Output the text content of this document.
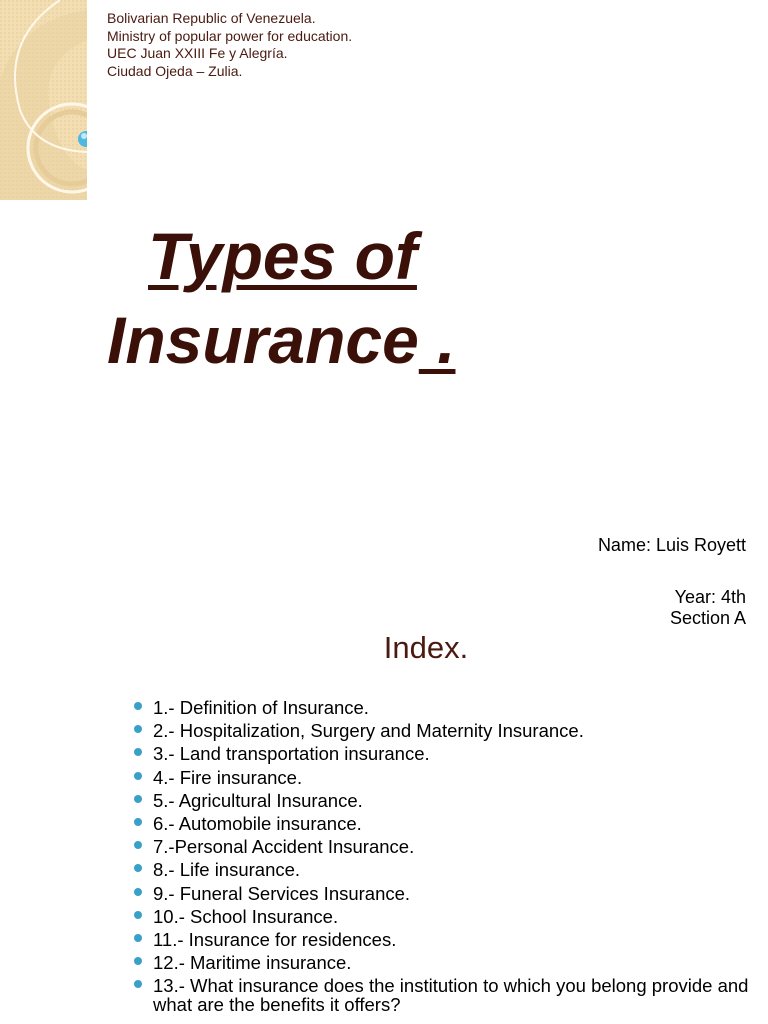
Bolivarian Republic of Venezuela.
Ministry of popular power for education.
UEC Juan XXIII Fe y Alegría.
Ciudad Ojeda – Zulia.
Types of
Insurance .
Name: Luis Royett
Year: 4th
Section A
Index.
1.- Definition of Insurance.
2.- Hospitalization, Surgery and Maternity Insurance.
3.- Land transportation insurance.
4.- Fire insurance.
5.- Agricultural Insurance.
6.- Automobile insurance.
7.-Personal Accident Insurance.
8.- Life insurance.
9.- Funeral Services Insurance.
10.- School Insurance.
11.- Insurance for residences.
12.- Maritime insurance.
13.- What insurance does the institution to which you belong provide and what are the benefits it offers?
